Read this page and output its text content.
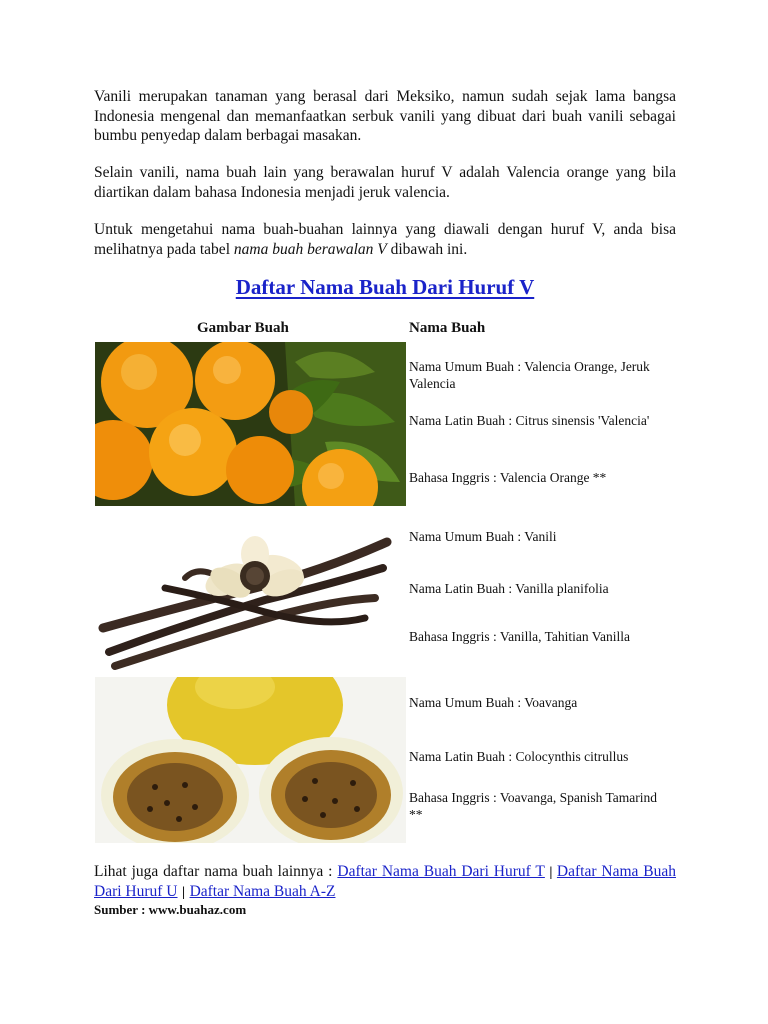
Vanili merupakan tanaman yang berasal dari Meksiko, namun sudah sejak lama bangsa Indonesia mengenal dan memanfaatkan serbuk vanili yang dibuat dari buah vanili sebagai bumbu penyedap dalam berbagai masakan.

Selain vanili, nama buah lain yang berawalan huruf V adalah Valencia orange yang bila diartikan dalam bahasa Indonesia menjadi jeruk valencia.

Untuk mengetahui nama buah-buahan lainnya yang diawali dengan huruf V, anda bisa melihatnya pada tabel nama buah berawalan V dibawah ini.

Daftar Nama Buah Dari Huruf V
Gambar Buah	Nama Buah

Nama Umum Buah : Valencia Orange, Jeruk Valencia

Nama Latin Buah : Citrus sinensis 'Valencia'

Bahasa Inggris : Valencia Orange **

Nama Umum Buah : Vanili

Nama Latin Buah : Vanilla planifolia

Bahasa Inggris : Vanilla, Tahitian Vanilla

Nama Umum Buah : Voavanga

Nama Latin Buah : Colocynthis citrullus

Bahasa Inggris : Voavanga, Spanish Tamarind **

Lihat juga daftar nama buah lainnya : Daftar Nama Buah Dari Huruf T | Daftar Nama Buah Dari Huruf U | Daftar Nama Buah A-Z
Sumber : www.buahaz.com
